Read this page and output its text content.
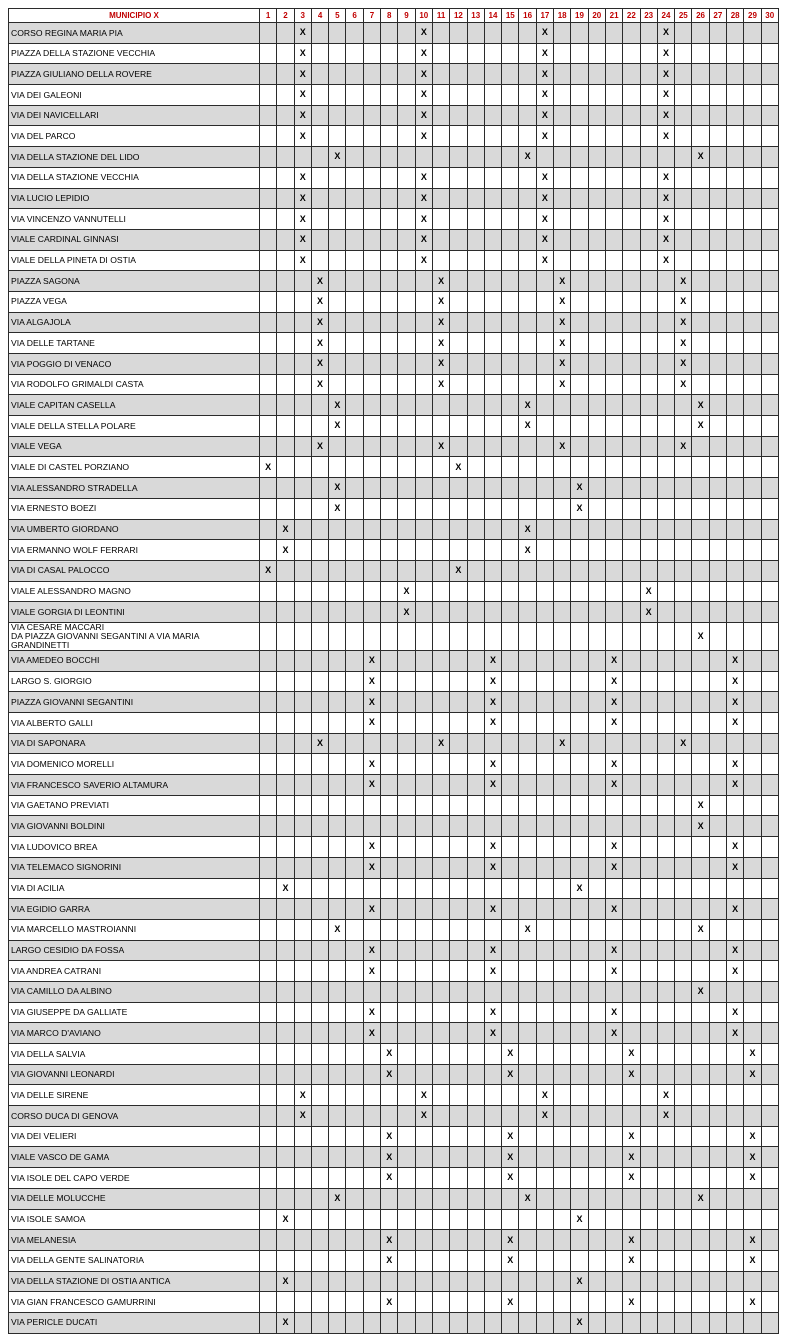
MUNICIPIO X	1	2	3	4	5	6	7	8	9	10	11	12	13	14	15	16	17	18	19	20	21	22	23	24	25	26	27	28	29	30
CORSO REGINA MARIA PIA			X							X							X							X						
PIAZZA DELLA STAZIONE VECCHIA			X							X							X							X						
PIAZZA GIULIANO DELLA ROVERE			X							X							X							X						
VIA DEI GALEONI			X							X							X							X						
VIA DEI NAVICELLARI			X							X							X							X						
VIA DEL PARCO			X							X							X							X						
VIA DELLA STAZIONE DEL LIDO					X											X										X				
VIA DELLA STAZIONE VECCHIA			X							X							X							X						
VIA LUCIO LEPIDIO			X							X							X							X						
VIA VINCENZO VANNUTELLI			X							X							X							X						
VIALE CARDINAL GINNASI			X							X							X							X						
VIALE DELLA PINETA DI OSTIA			X							X							X							X						
PIAZZA SAGONA				X							X							X							X					
PIAZZA VEGA				X							X							X							X					
VIA ALGAJOLA				X							X							X							X					
VIA DELLE TARTANE				X							X							X							X					
VIA POGGIO DI VENACO				X							X							X							X					
VIA RODOLFO GRIMALDI CASTA				X							X							X							X					
VIALE CAPITAN CASELLA					X											X										X				
VIALE DELLA STELLA POLARE					X											X										X				
VIALE VEGA				X							X							X							X					
VIALE DI CASTEL PORZIANO	X											X																		
VIA ALESSANDRO STRADELLA					X														X											
VIA ERNESTO BOEZI					X														X											
VIA UMBERTO GIORDANO		X														X														
VIA ERMANNO WOLF FERRARI		X														X														
VIA DI CASAL PALOCCO	X											X																		
VIALE ALESSANDRO MAGNO									X														X							
VIALE GORGIA DI LEONTINI									X														X							
VIA CESARE MACCARI
DA PIAZZA GIOVANNI SEGANTINI A VIA MARIA GRANDINETTI																										X				
VIA AMEDEO BOCCHI							X							X							X							X		
LARGO S. GIORGIO							X							X							X							X		
PIAZZA GIOVANNI SEGANTINI							X							X							X							X		
VIA ALBERTO GALLI							X							X							X							X		
VIA DI SAPONARA				X							X							X							X					
VIA DOMENICO MORELLI							X							X							X							X		
VIA FRANCESCO SAVERIO ALTAMURA							X							X							X							X		
VIA GAETANO PREVIATI																										X				
VIA GIOVANNI BOLDINI																										X				
VIA LUDOVICO BREA							X							X							X							X		
VIA TELEMACO SIGNORINI							X							X							X							X		
VIA DI ACILIA		X																	X											
VIA EGIDIO GARRA							X							X							X							X		
VIA MARCELLO MASTROIANNI					X											X										X				
LARGO CESIDIO DA FOSSA							X							X							X							X		
VIA ANDREA CATRANI							X							X							X							X		
VIA CAMILLO DA ALBINO																										X				
VIA GIUSEPPE DA GALLIATE							X							X							X							X		
VIA MARCO D'AVIANO							X							X							X							X		
VIA DELLA SALVIA								X							X							X							X	
VIA GIOVANNI LEONARDI								X							X							X							X	
VIA DELLE SIRENE			X							X							X							X						
CORSO DUCA DI GENOVA			X							X							X							X						
VIA DEI VELIERI								X							X							X							X	
VIALE VASCO DE GAMA								X							X							X							X	
VIA ISOLE DEL CAPO VERDE								X							X							X							X	
VIA DELLE MOLUCCHE					X											X										X				
VIA ISOLE SAMOA		X																	X											
VIA MELANESIA								X							X							X							X	
VIA DELLA GENTE SALINATORIA								X							X							X							X	
VIA DELLA STAZIONE DI OSTIA ANTICA		X																	X											
VIA GIAN FRANCESCO GAMURRINI								X							X							X							X	
VIA PERICLE DUCATI		X																	X											
